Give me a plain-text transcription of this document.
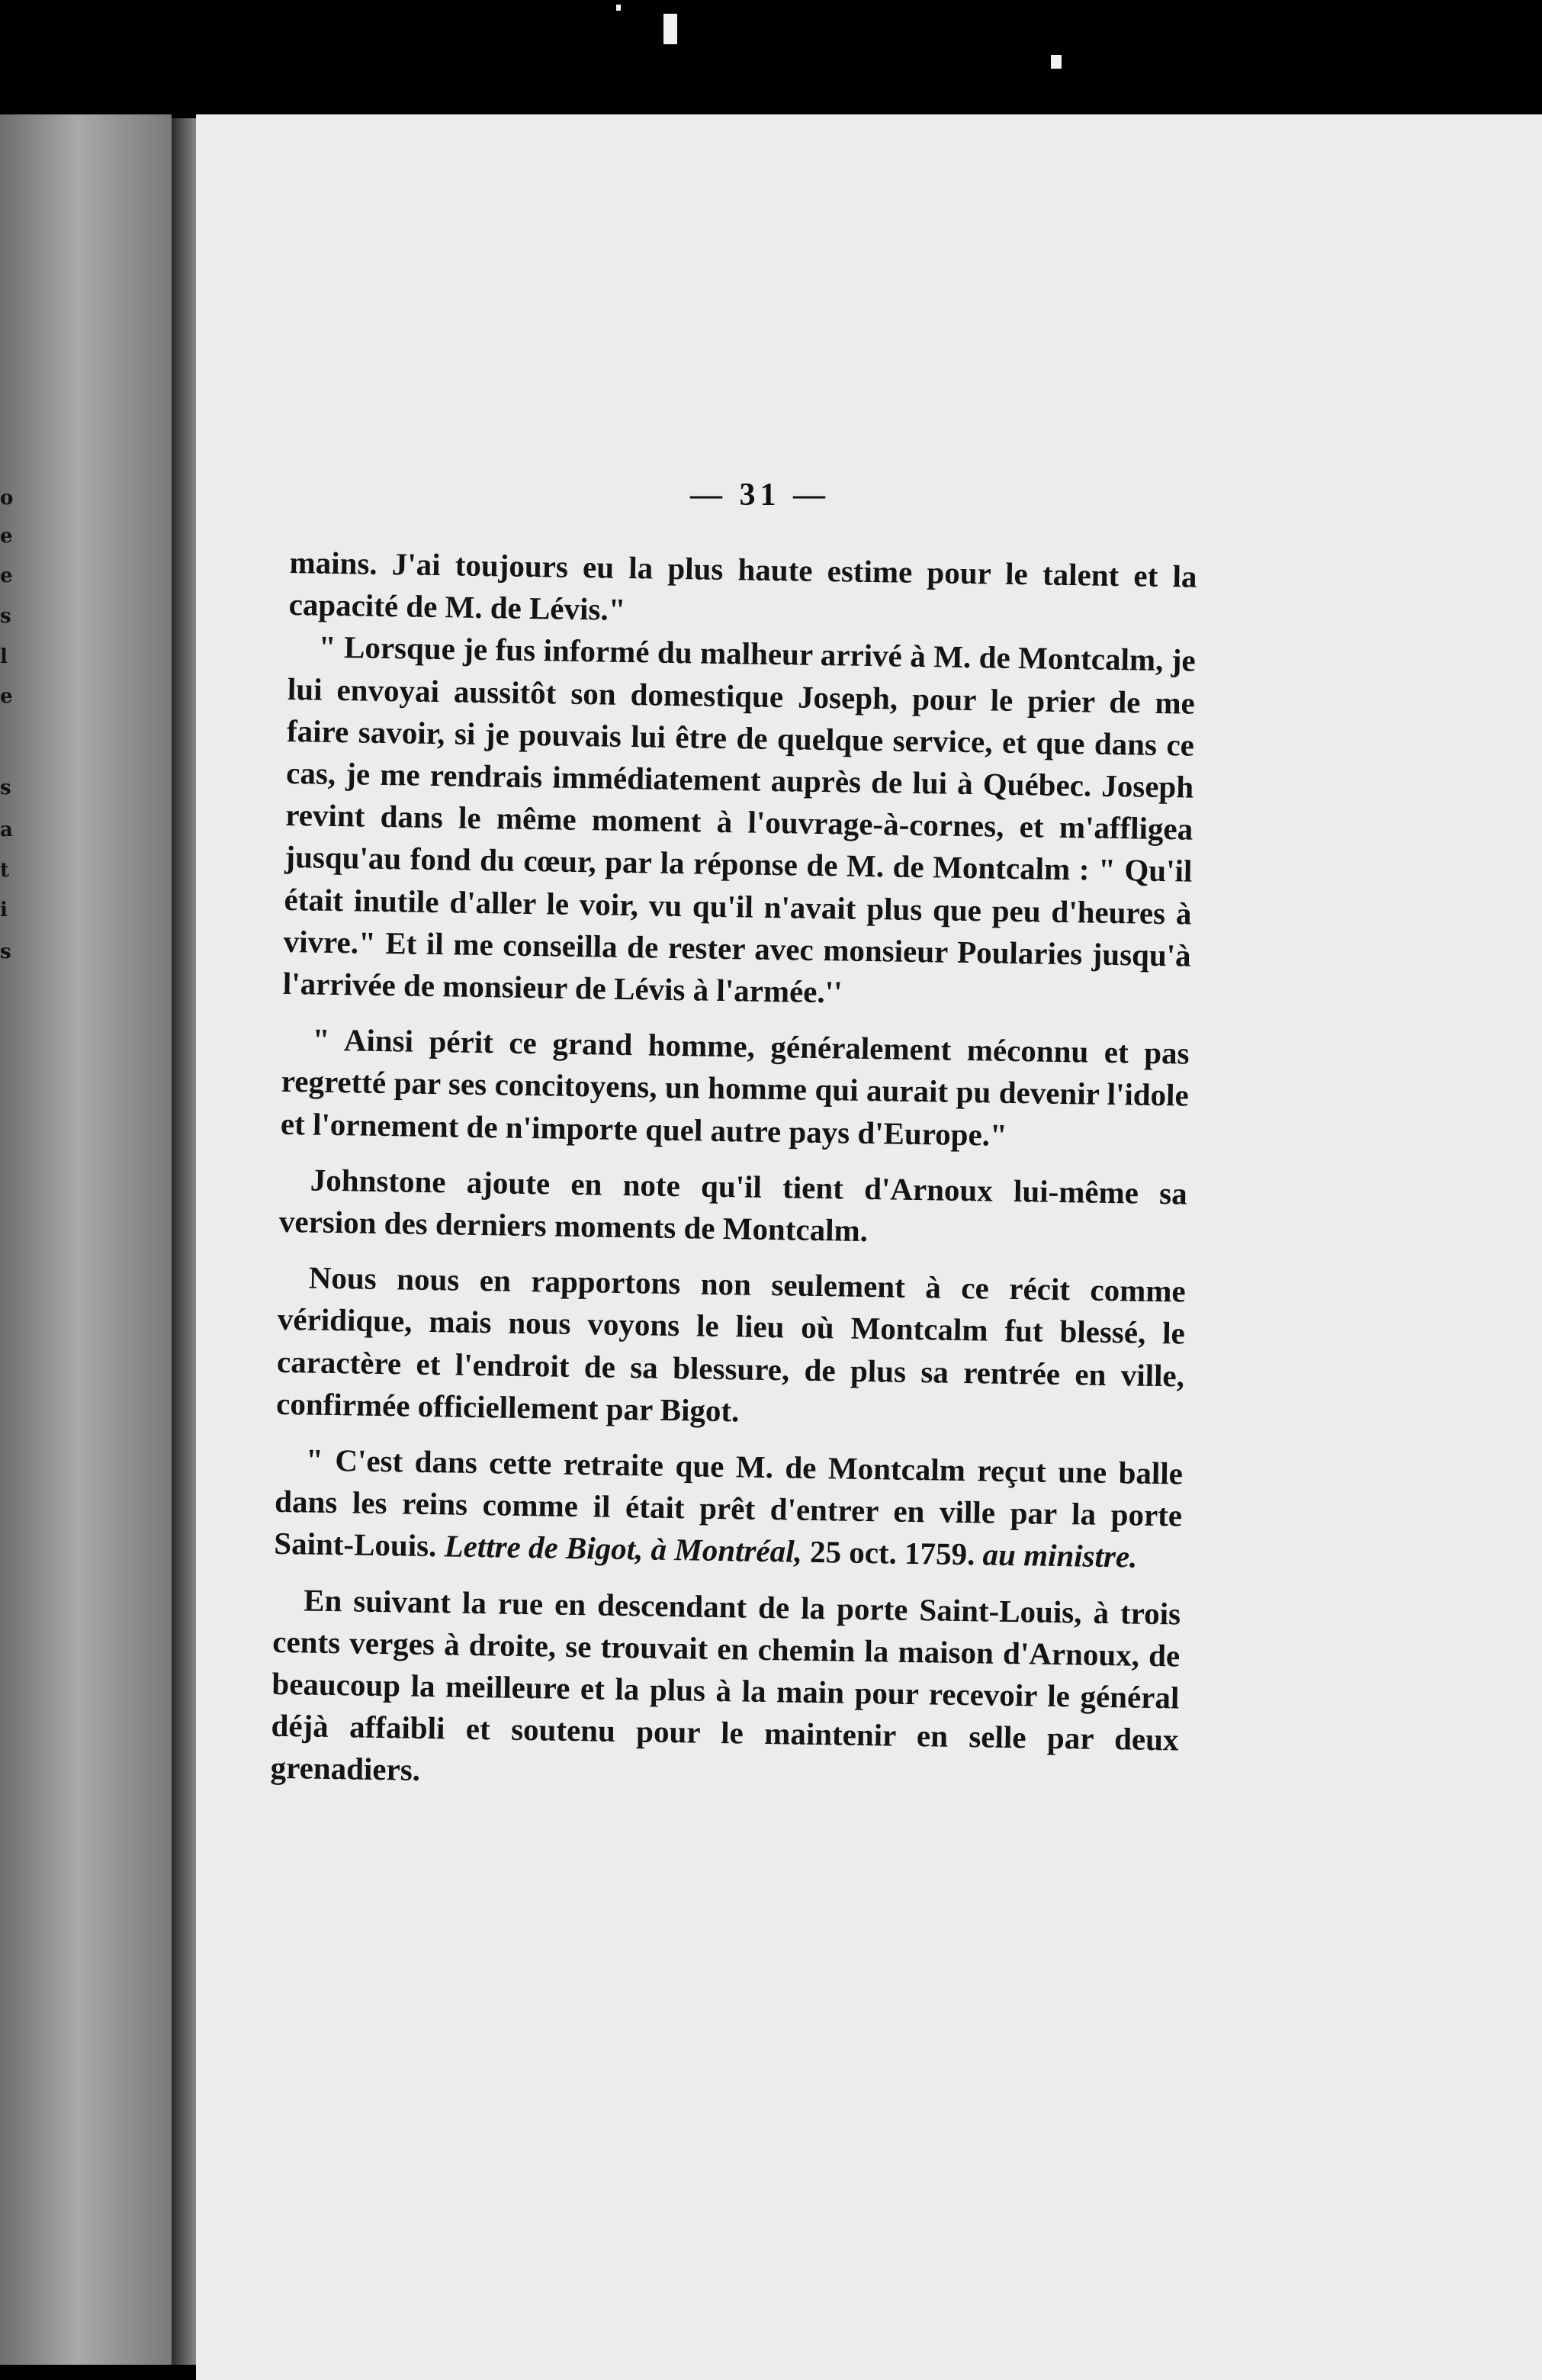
o
e
e
s
l
e
s
a
t
i
s
— 31 —

mains. J'ai toujours eu la plus haute estime pour le talent et la capacité de M. de Lévis."

" Lorsque je fus informé du malheur arrivé à M. de Montcalm, je lui envoyai aussitôt son domestique Joseph, pour le prier de me faire savoir, si je pouvais lui être de quelque service, et que dans ce cas, je me rendrais immédiatement auprès de lui à Québec. Joseph revint dans le même moment à l'ouvrage-à-cornes, et m'affligea jusqu'au fond du cœur, par la réponse de M. de Montcalm : " Qu'il était inutile d'aller le voir, vu qu'il n'avait plus que peu d'heures à vivre." Et il me conseilla de rester avec monsieur Poularies jusqu'à l'arrivée de monsieur de Lévis à l'armée.''

" Ainsi périt ce grand homme, généralement méconnu et pas regretté par ses concitoyens, un homme qui aurait pu devenir l'idole et l'ornement de n'importe quel autre pays d'Europe."

Johnstone ajoute en note qu'il tient d'Arnoux lui-même sa version des derniers moments de Montcalm.

Nous nous en rapportons non seulement à ce récit comme véridique, mais nous voyons le lieu où Montcalm fut blessé, le caractère et l'endroit de sa blessure, de plus sa rentrée en ville, confirmée officiellement par Bigot.

" C'est dans cette retraite que M. de Montcalm reçut une balle dans les reins comme il était prêt d'entrer en ville par la porte Saint-Louis. Lettre de Bigot, à Montréal, 25 oct. 1759. au ministre.

En suivant la rue en descendant de la porte Saint-Louis, à trois cents verges à droite, se trouvait en chemin la maison d'Arnoux, de beaucoup la meilleure et la plus à la main pour recevoir le général déjà affaibli et soutenu pour le maintenir en selle par deux grenadiers.
